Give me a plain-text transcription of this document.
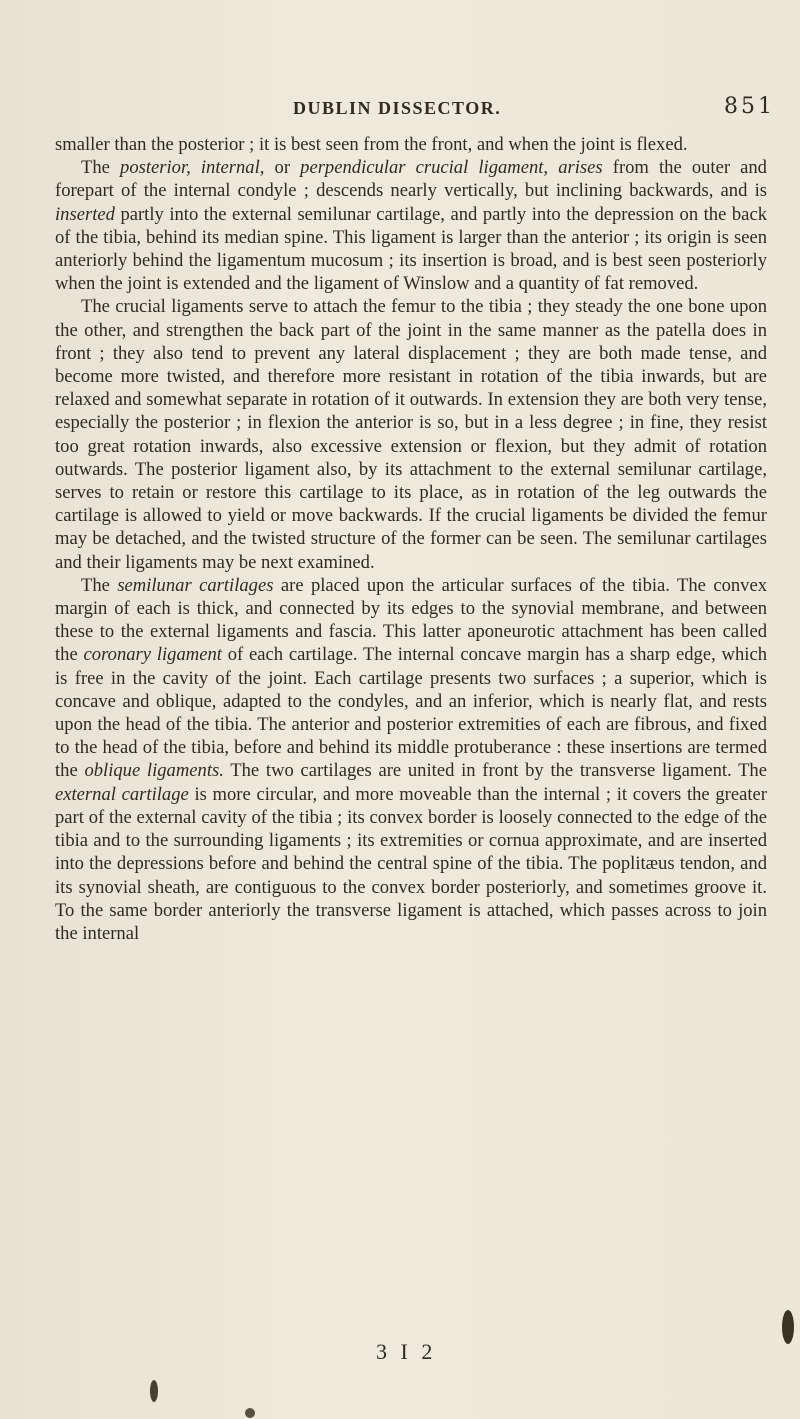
DUBLIN DISSECTOR.	851

smaller than the posterior ; it is best seen from the front, and when the joint is flexed.

The posterior, internal, or perpendicular crucial ligament, arises from the outer and forepart of the internal condyle ; descends nearly vertically, but inclining backwards, and is inserted partly into the external semilunar cartilage, and partly into the depression on the back of the tibia, behind its median spine. This ligament is larger than the anterior ; its origin is seen anteriorly behind the ligamentum mucosum ; its insertion is broad, and is best seen posteriorly when the joint is extended and the ligament of Winslow and a quantity of fat removed.

The crucial ligaments serve to attach the femur to the tibia ; they steady the one bone upon the other, and strengthen the back part of the joint in the same manner as the patella does in front ; they also tend to prevent any lateral displacement ; they are both made tense, and become more twisted, and therefore more resistant in rotation of the tibia inwards, but are relaxed and somewhat separate in rotation of it outwards. In extension they are both very tense, especially the posterior ; in flexion the anterior is so, but in a less degree ; in fine, they resist too great rotation inwards, also excessive extension or flexion, but they admit of rotation outwards. The posterior ligament also, by its attachment to the external semilunar cartilage, serves to retain or restore this cartilage to its place, as in rotation of the leg outwards the cartilage is allowed to yield or move backwards. If the crucial ligaments be divided the femur may be detached, and the twisted structure of the former can be seen. The semilunar cartilages and their ligaments may be next examined.

The semilunar cartilages are placed upon the articular surfaces of the tibia. The convex margin of each is thick, and connected by its edges to the synovial membrane, and between these to the external ligaments and fascia. This latter aponeurotic attachment has been called the coronary ligament of each cartilage. The internal concave margin has a sharp edge, which is free in the cavity of the joint. Each cartilage presents two surfaces ; a superior, which is concave and oblique, adapted to the condyles, and an inferior, which is nearly flat, and rests upon the head of the tibia. The anterior and posterior extremities of each are fibrous, and fixed to the head of the tibia, before and behind its middle protuberance : these insertions are termed the oblique ligaments. The two cartilages are united in front by the transverse ligament. The external cartilage is more circular, and more moveable than the internal ; it covers the greater part of the external cavity of the tibia ; its convex border is loosely connected to the edge of the tibia and to the surrounding ligaments ; its extremities or cornua approximate, and are inserted into the depressions before and behind the central spine of the tibia. The poplitæus tendon, and its synovial sheath, are contiguous to the convex border posteriorly, and sometimes groove it. To the same border anteriorly the transverse ligament is attached, which passes across to join the internal

3 I 2
